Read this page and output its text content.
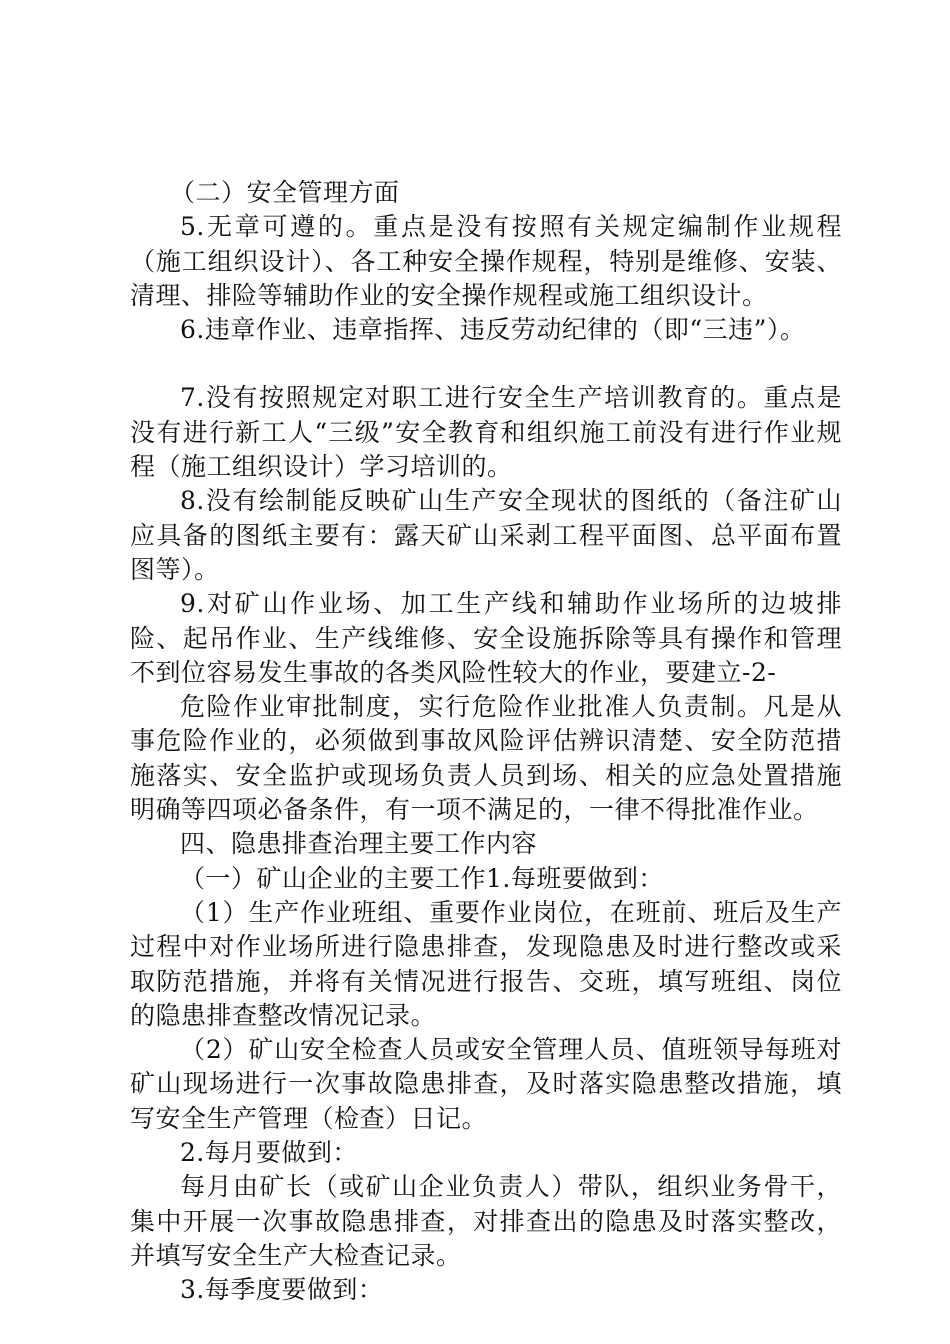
（二）安全管理方面

5.无章可遵的。重点是没有按照有关规定编制作业规程（施工组织设计）、各工种安全操作规程，特别是维修、安装、清理、排险等辅助作业的安全操作规程或施工组织设计。

6.违章作业、违章指挥、违反劳动纪律的（即“三违”）。

7.没有按照规定对职工进行安全生产培训教育的。重点是没有进行新工人“三级”安全教育和组织施工前没有进行作业规程（施工组织设计）学习培训的。

8.没有绘制能反映矿山生产安全现状的图纸的（备注矿山应具备的图纸主要有：露天矿山采剥工程平面图、总平面布置图等）。

9.对矿山作业场、加工生产线和辅助作业场所的边坡排险、起吊作业、生产线维修、安全设施拆除等具有操作和管理不到位容易发生事故的各类风险性较大的作业，要建立-2-

危险作业审批制度，实行危险作业批准人负责制。凡是从事危险作业的，必须做到事故风险评估辨识清楚、安全防范措施落实、安全监护或现场负责人员到场、相关的应急处置措施明确等四项必备条件，有一项不满足的，一律不得批准作业。

四、隐患排查治理主要工作内容

（一）矿山企业的主要工作1.每班要做到：

（1）生产作业班组、重要作业岗位，在班前、班后及生产过程中对作业场所进行隐患排查，发现隐患及时进行整改或采取防范措施，并将有关情况进行报告、交班，填写班组、岗位的隐患排查整改情况记录。

（2）矿山安全检查人员或安全管理人员、值班领导每班对矿山现场进行一次事故隐患排查，及时落实隐患整改措施，填写安全生产管理（检查）日记。

2.每月要做到：

每月由矿长（或矿山企业负责人）带队，组织业务骨干，集中开展一次事故隐患排查，对排查出的隐患及时落实整改，并填写安全生产大检查记录。

3.每季度要做到：
